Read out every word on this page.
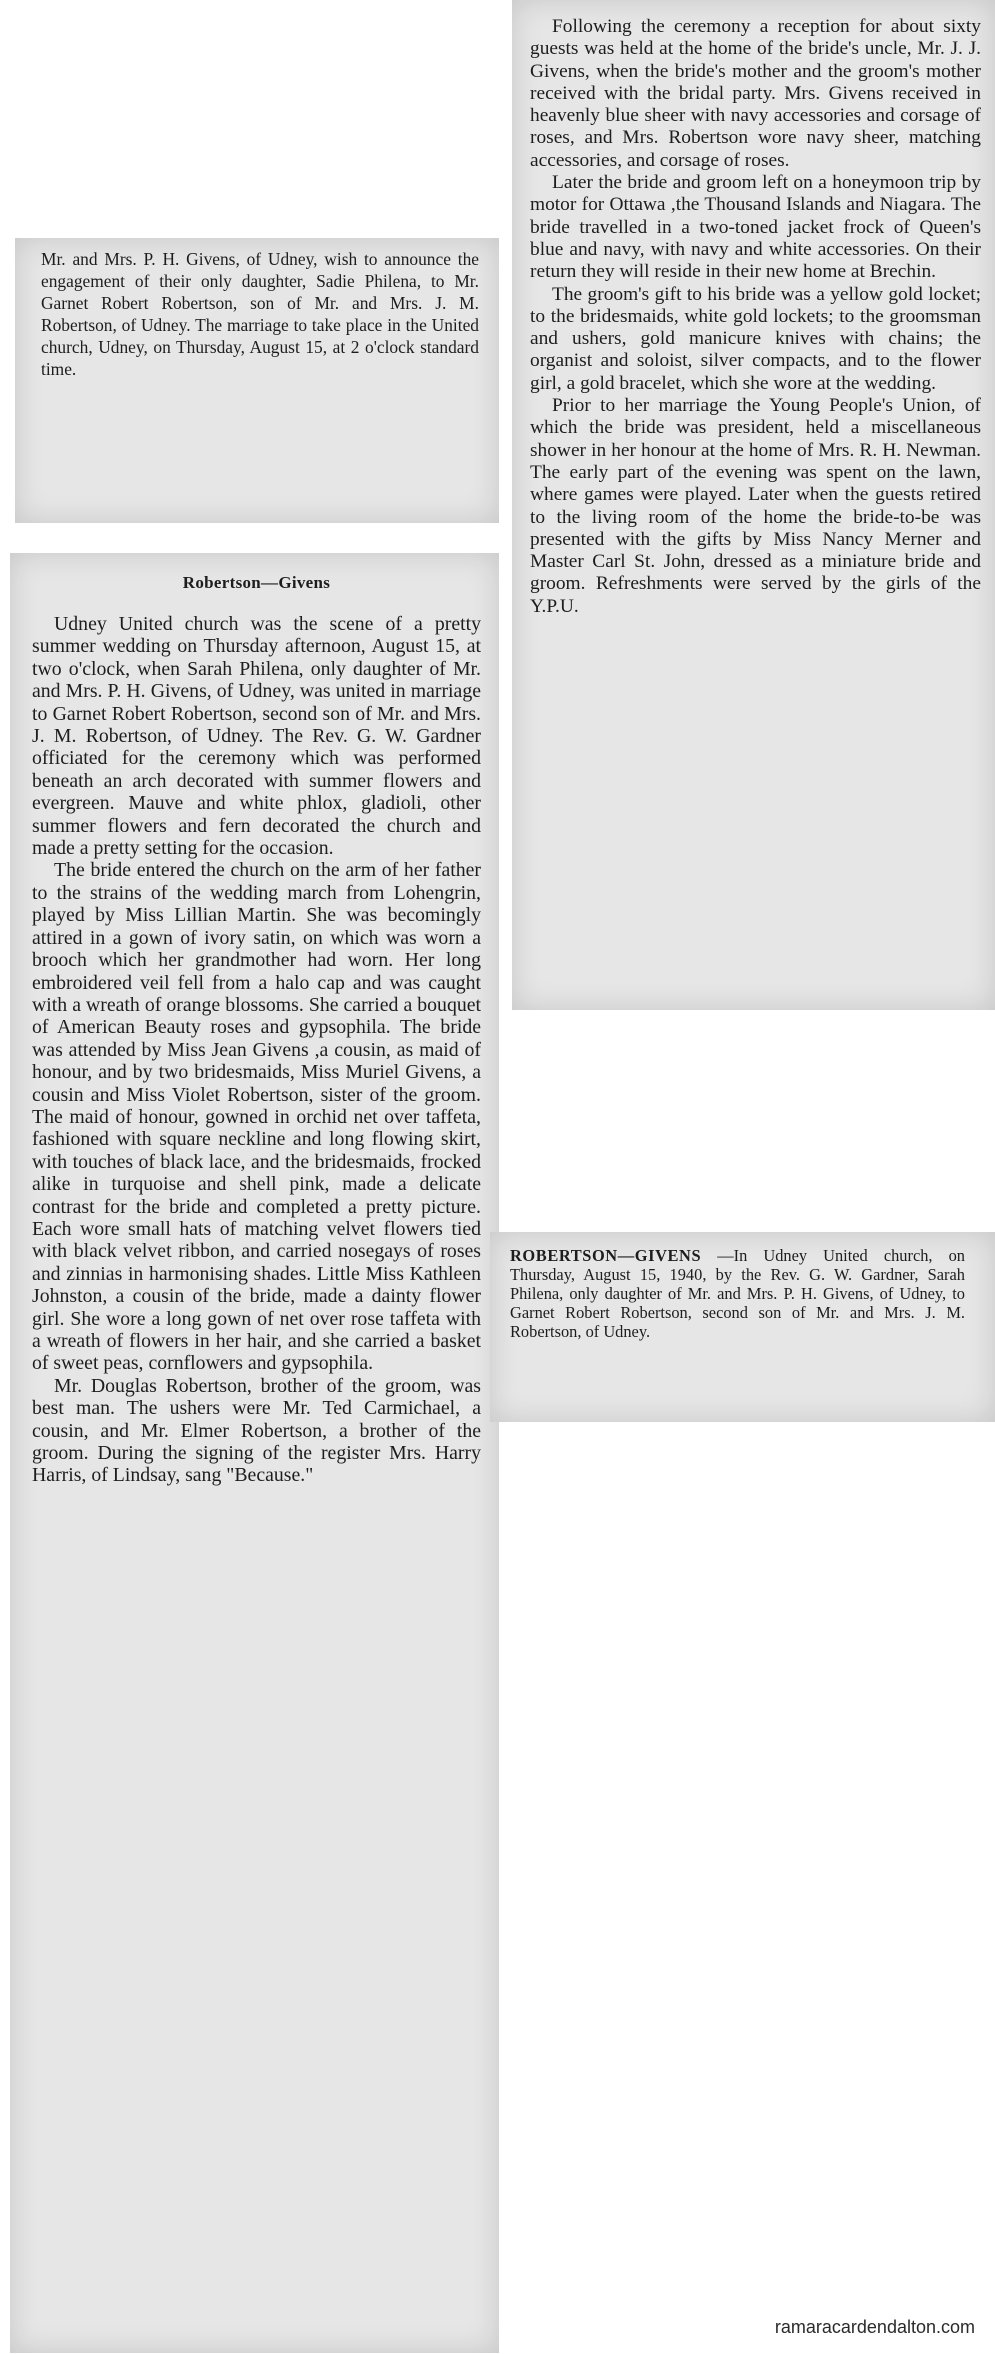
Mr. and Mrs. P. H. Givens, of Udney, wish to announce the engagement of their only daughter, Sadie Philena, to Mr. Garnet Robert Robertson, son of Mr. and Mrs. J. M. Robertson, of Udney. The marriage to take place in the United church, Udney, on Thursday, August 15, at 2 o'clock standard time.

Robertson—Givens

Udney United church was the scene of a pretty summer wedding on Thursday afternoon, August 15, at two o'clock, when Sarah Philena, only daughter of Mr. and Mrs. P. H. Givens, of Udney, was united in marriage to Garnet Robert Robertson, second son of Mr. and Mrs. J. M. Robertson, of Udney. The Rev. G. W. Gardner officiated for the ceremony which was performed beneath an arch decorated with summer flowers and evergreen. Mauve and white phlox, gladioli, other summer flowers and fern decorated the church and made a pretty setting for the occasion.

The bride entered the church on the arm of her father to the strains of the wedding march from Lohengrin, played by Miss Lillian Martin. She was becomingly attired in a gown of ivory satin, on which was worn a brooch which her grandmother had worn. Her long embroidered veil fell from a halo cap and was caught with a wreath of orange blossoms. She carried a bouquet of American Beauty roses and gypsophila. The bride was attended by Miss Jean Givens ,a cousin, as maid of honour, and by two bridesmaids, Miss Muriel Givens, a cousin and Miss Violet Robertson, sister of the groom. The maid of honour, gowned in orchid net over taffeta, fashioned with square neckline and long flowing skirt, with touches of black lace, and the bridesmaids, frocked alike in turquoise and shell pink, made a delicate contrast for the bride and completed a pretty picture. Each wore small hats of matching velvet flowers tied with black velvet ribbon, and carried nosegays of roses and zinnias in harmonising shades. Little Miss Kathleen Johnston, a cousin of the bride, made a dainty flower girl. She wore a long gown of net over rose taffeta with a wreath of flowers in her hair, and she carried a basket of sweet peas, cornflowers and gypsophila.

Mr. Douglas Robertson, brother of the groom, was best man. The ushers were Mr. Ted Carmichael, a cousin, and Mr. Elmer Robertson, a brother of the groom. During the signing of the register Mrs. Harry Harris, of Lindsay, sang "Because."

Following the ceremony a reception for about sixty guests was held at the home of the bride's uncle, Mr. J. J. Givens, when the bride's mother and the groom's mother received with the bridal party. Mrs. Givens received in heavenly blue sheer with navy accessories and corsage of roses, and Mrs. Robertson wore navy sheer, matching accessories, and corsage of roses.

Later the bride and groom left on a honeymoon trip by motor for Ottawa ,the Thousand Islands and Niagara. The bride travelled in a two-toned jacket frock of Queen's blue and navy, with navy and white accessories. On their return they will reside in their new home at Brechin.

The groom's gift to his bride was a yellow gold locket; to the bridesmaids, white gold lockets; to the groomsman and ushers, gold manicure knives with chains; the organist and soloist, silver compacts, and to the flower girl, a gold bracelet, which she wore at the wedding.

Prior to her marriage the Young People's Union, of which the bride was president, held a miscellaneous shower in her honour at the home of Mrs. R. H. Newman. The early part of the evening was spent on the lawn, where games were played. Later when the guests retired to the living room of the home the bride-to-be was presented with the gifts by Miss Nancy Merner and Master Carl St. John, dressed as a miniature bride and groom. Refreshments were served by the girls of the Y.P.U.

ROBERTSON—GIVENS —In Udney United church, on Thursday, August 15, 1940, by the Rev. G. W. Gardner, Sarah Philena, only daughter of Mr. and Mrs. P. H. Givens, of Udney, to Garnet Robert Robertson, second son of Mr. and Mrs. J. M. Robertson, of Udney.

ramaracardendalton.com
